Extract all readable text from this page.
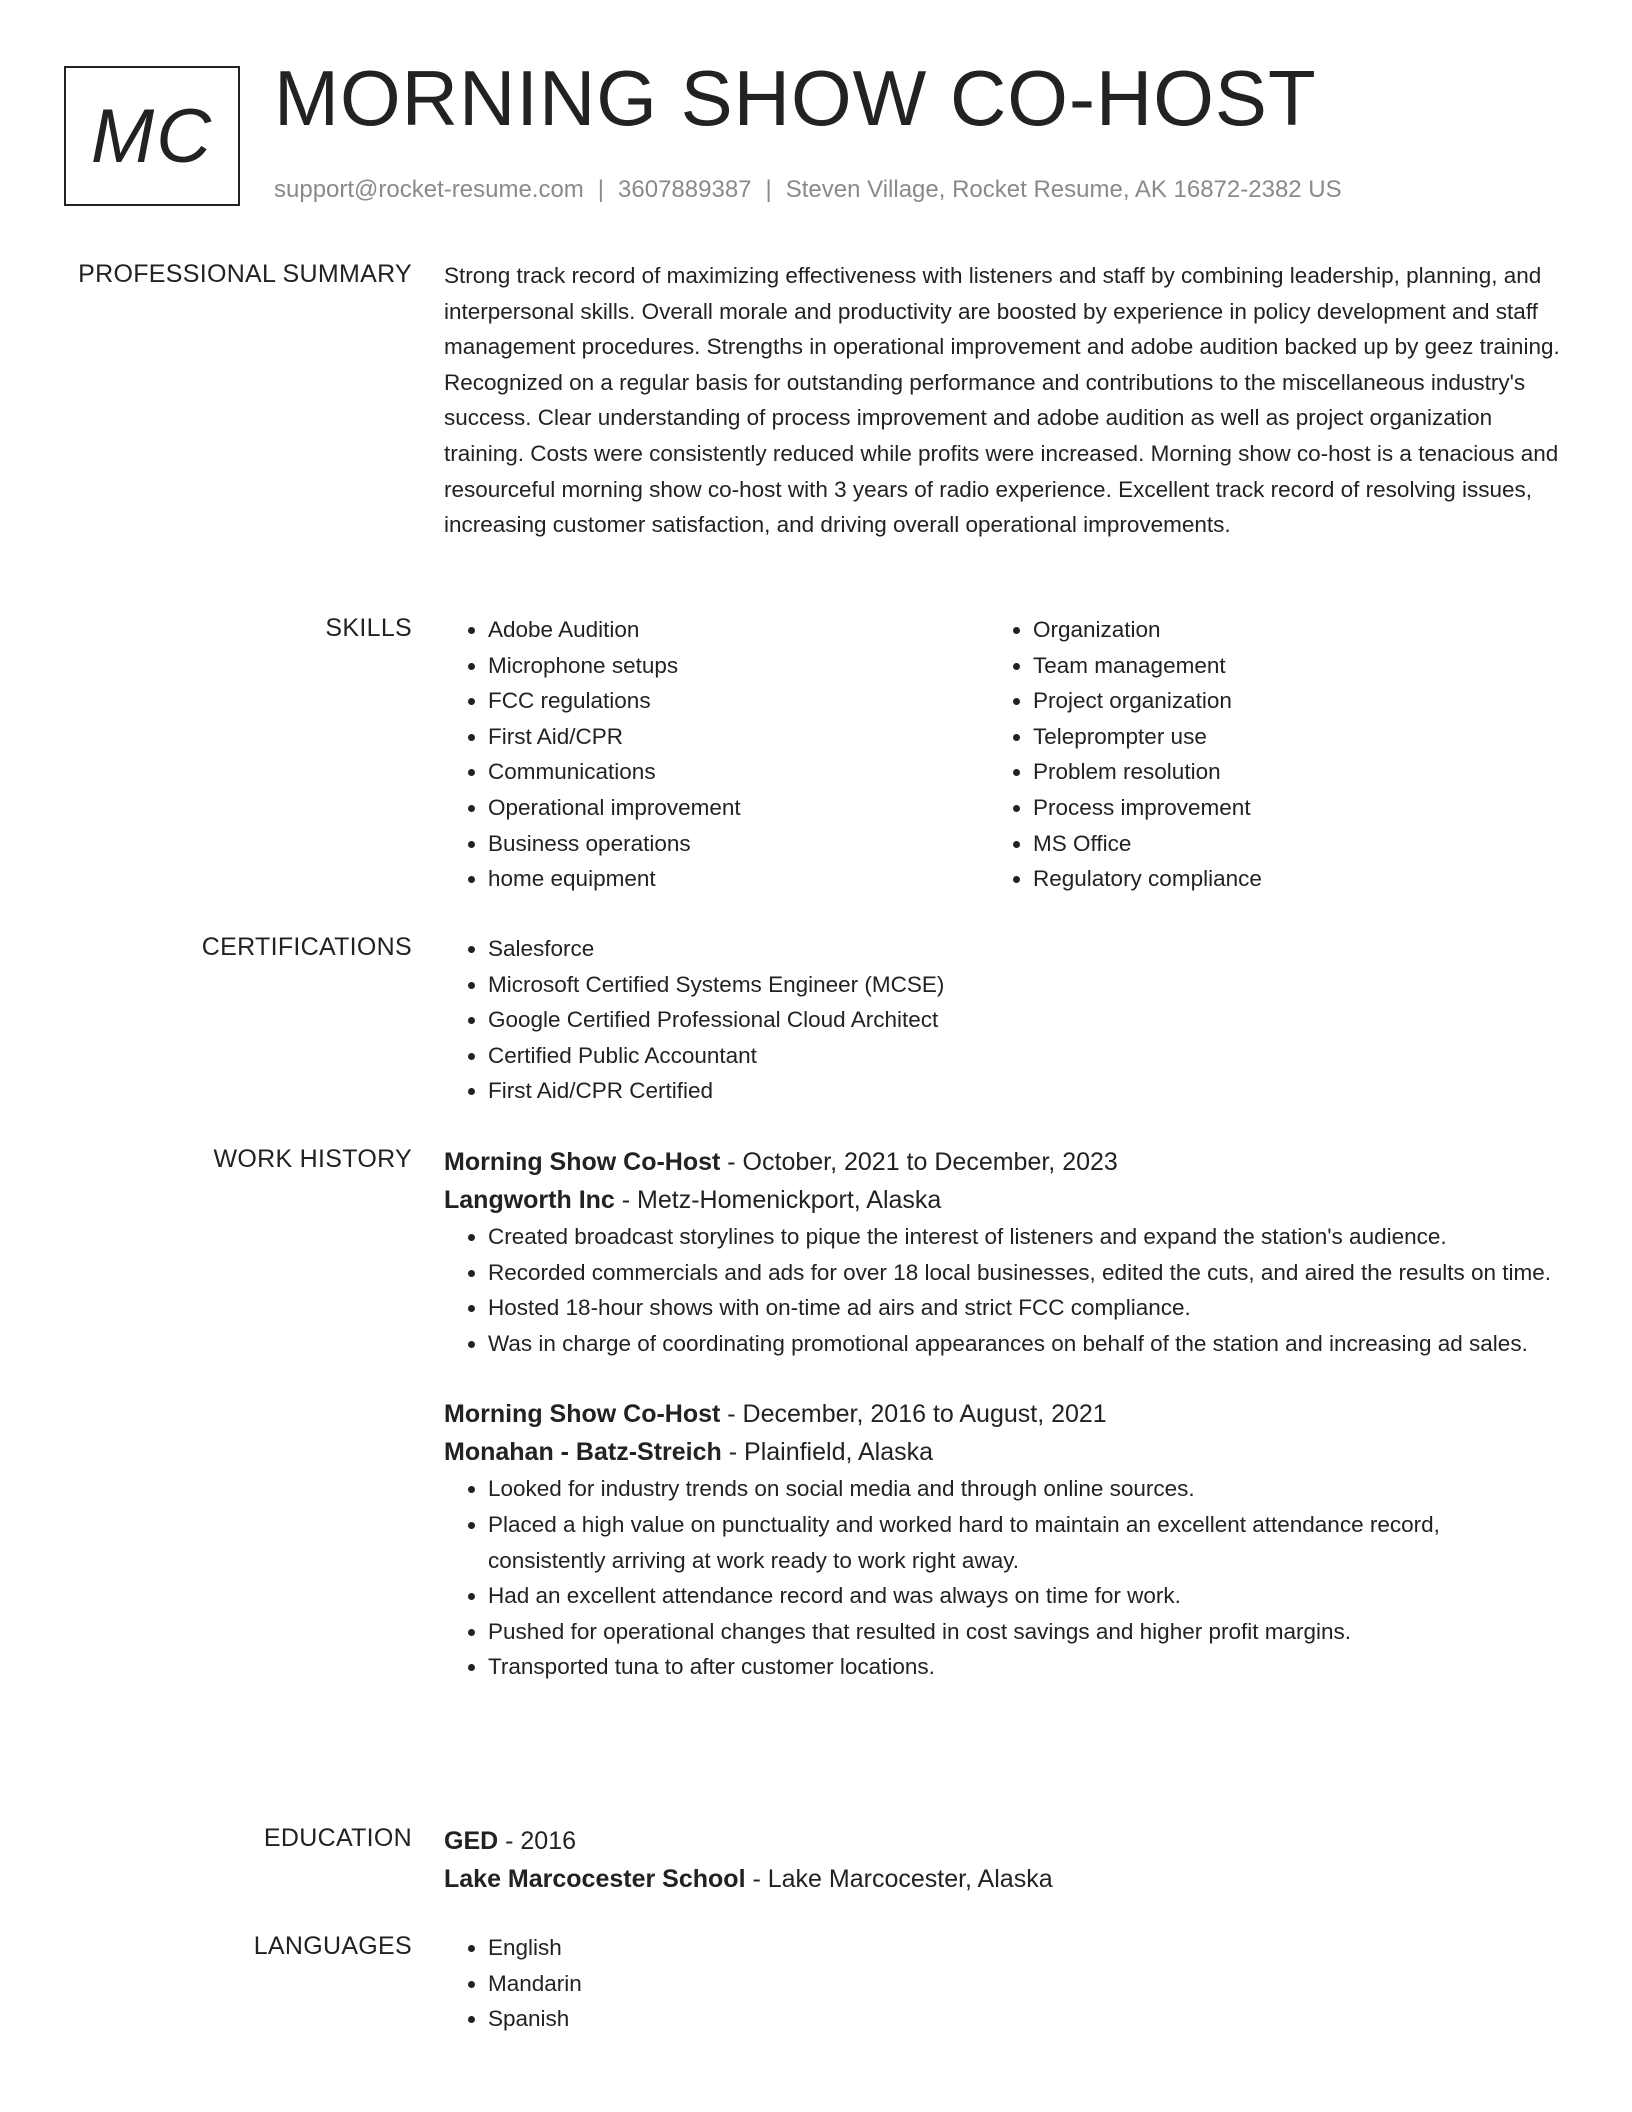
MC MORNING SHOW CO-HOST
support@rocket-resume.com | 3607889387 | Steven Village, Rocket Resume, AK 16872-2382 US
PROFESSIONAL SUMMARY Strong track record of maximizing effectiveness with listeners and staff by combining leadership, planning, and interpersonal skills. Overall morale and productivity are boosted by experience in policy development and staff management procedures. Strengths in operational improvement and adobe audition backed up by geez training. Recognized on a regular basis for outstanding performance and contributions to the miscellaneous industry's success. Clear understanding of process improvement and adobe audition as well as project organization training. Costs were consistently reduced while profits were increased. Morning show co-host is a tenacious and resourceful morning show co-host with 3 years of radio experience. Excellent track record of resolving issues, increasing customer satisfaction, and driving overall operational improvements.

SKILLS	• Adobe Audition
• Microphone setups
• FCC regulations
• First Aid/CPR
• Communications
• Operational improvement
• Business operations
• home equipment
• Organization
• Team management
• Project organization
• Teleprompter use
• Problem resolution
• Process improvement
• MS Office
• Regulatory compliance
CERTIFICATIONS	• Salesforce
• Microsoft Certified Systems Engineer (MCSE)
• Google Certified Professional Cloud Architect
• Certified Public Accountant
• First Aid/CPR Certified
WORK HISTORY Morning Show Co-Host - October, 2021 to December, 2023
Langworth Inc - Metz-Homenickport, Alaska
• Created broadcast storylines to pique the interest of listeners and expand the station's audience.
• Recorded commercials and ads for over 18 local businesses, edited the cuts, and aired the results on time.
• Hosted 18-hour shows with on-time ad airs and strict FCC compliance.
• Was in charge of coordinating promotional appearances on behalf of the station and increasing ad sales.
Morning Show Co-Host - December, 2016 to August, 2021
Monahan - Batz-Streich - Plainfield, Alaska
• Looked for industry trends on social media and through online sources.
• Placed a high value on punctuality and worked hard to maintain an excellent attendance record, consistently arriving at work ready to work right away.
• Had an excellent attendance record and was always on time for work.
• Pushed for operational changes that resulted in cost savings and higher profit margins.
• Transported tuna to after customer locations.
EDUCATION GED - 2016
Lake Marcocester School - Lake Marcocester, Alaska
LANGUAGES	• English
• Mandarin
• Spanish
